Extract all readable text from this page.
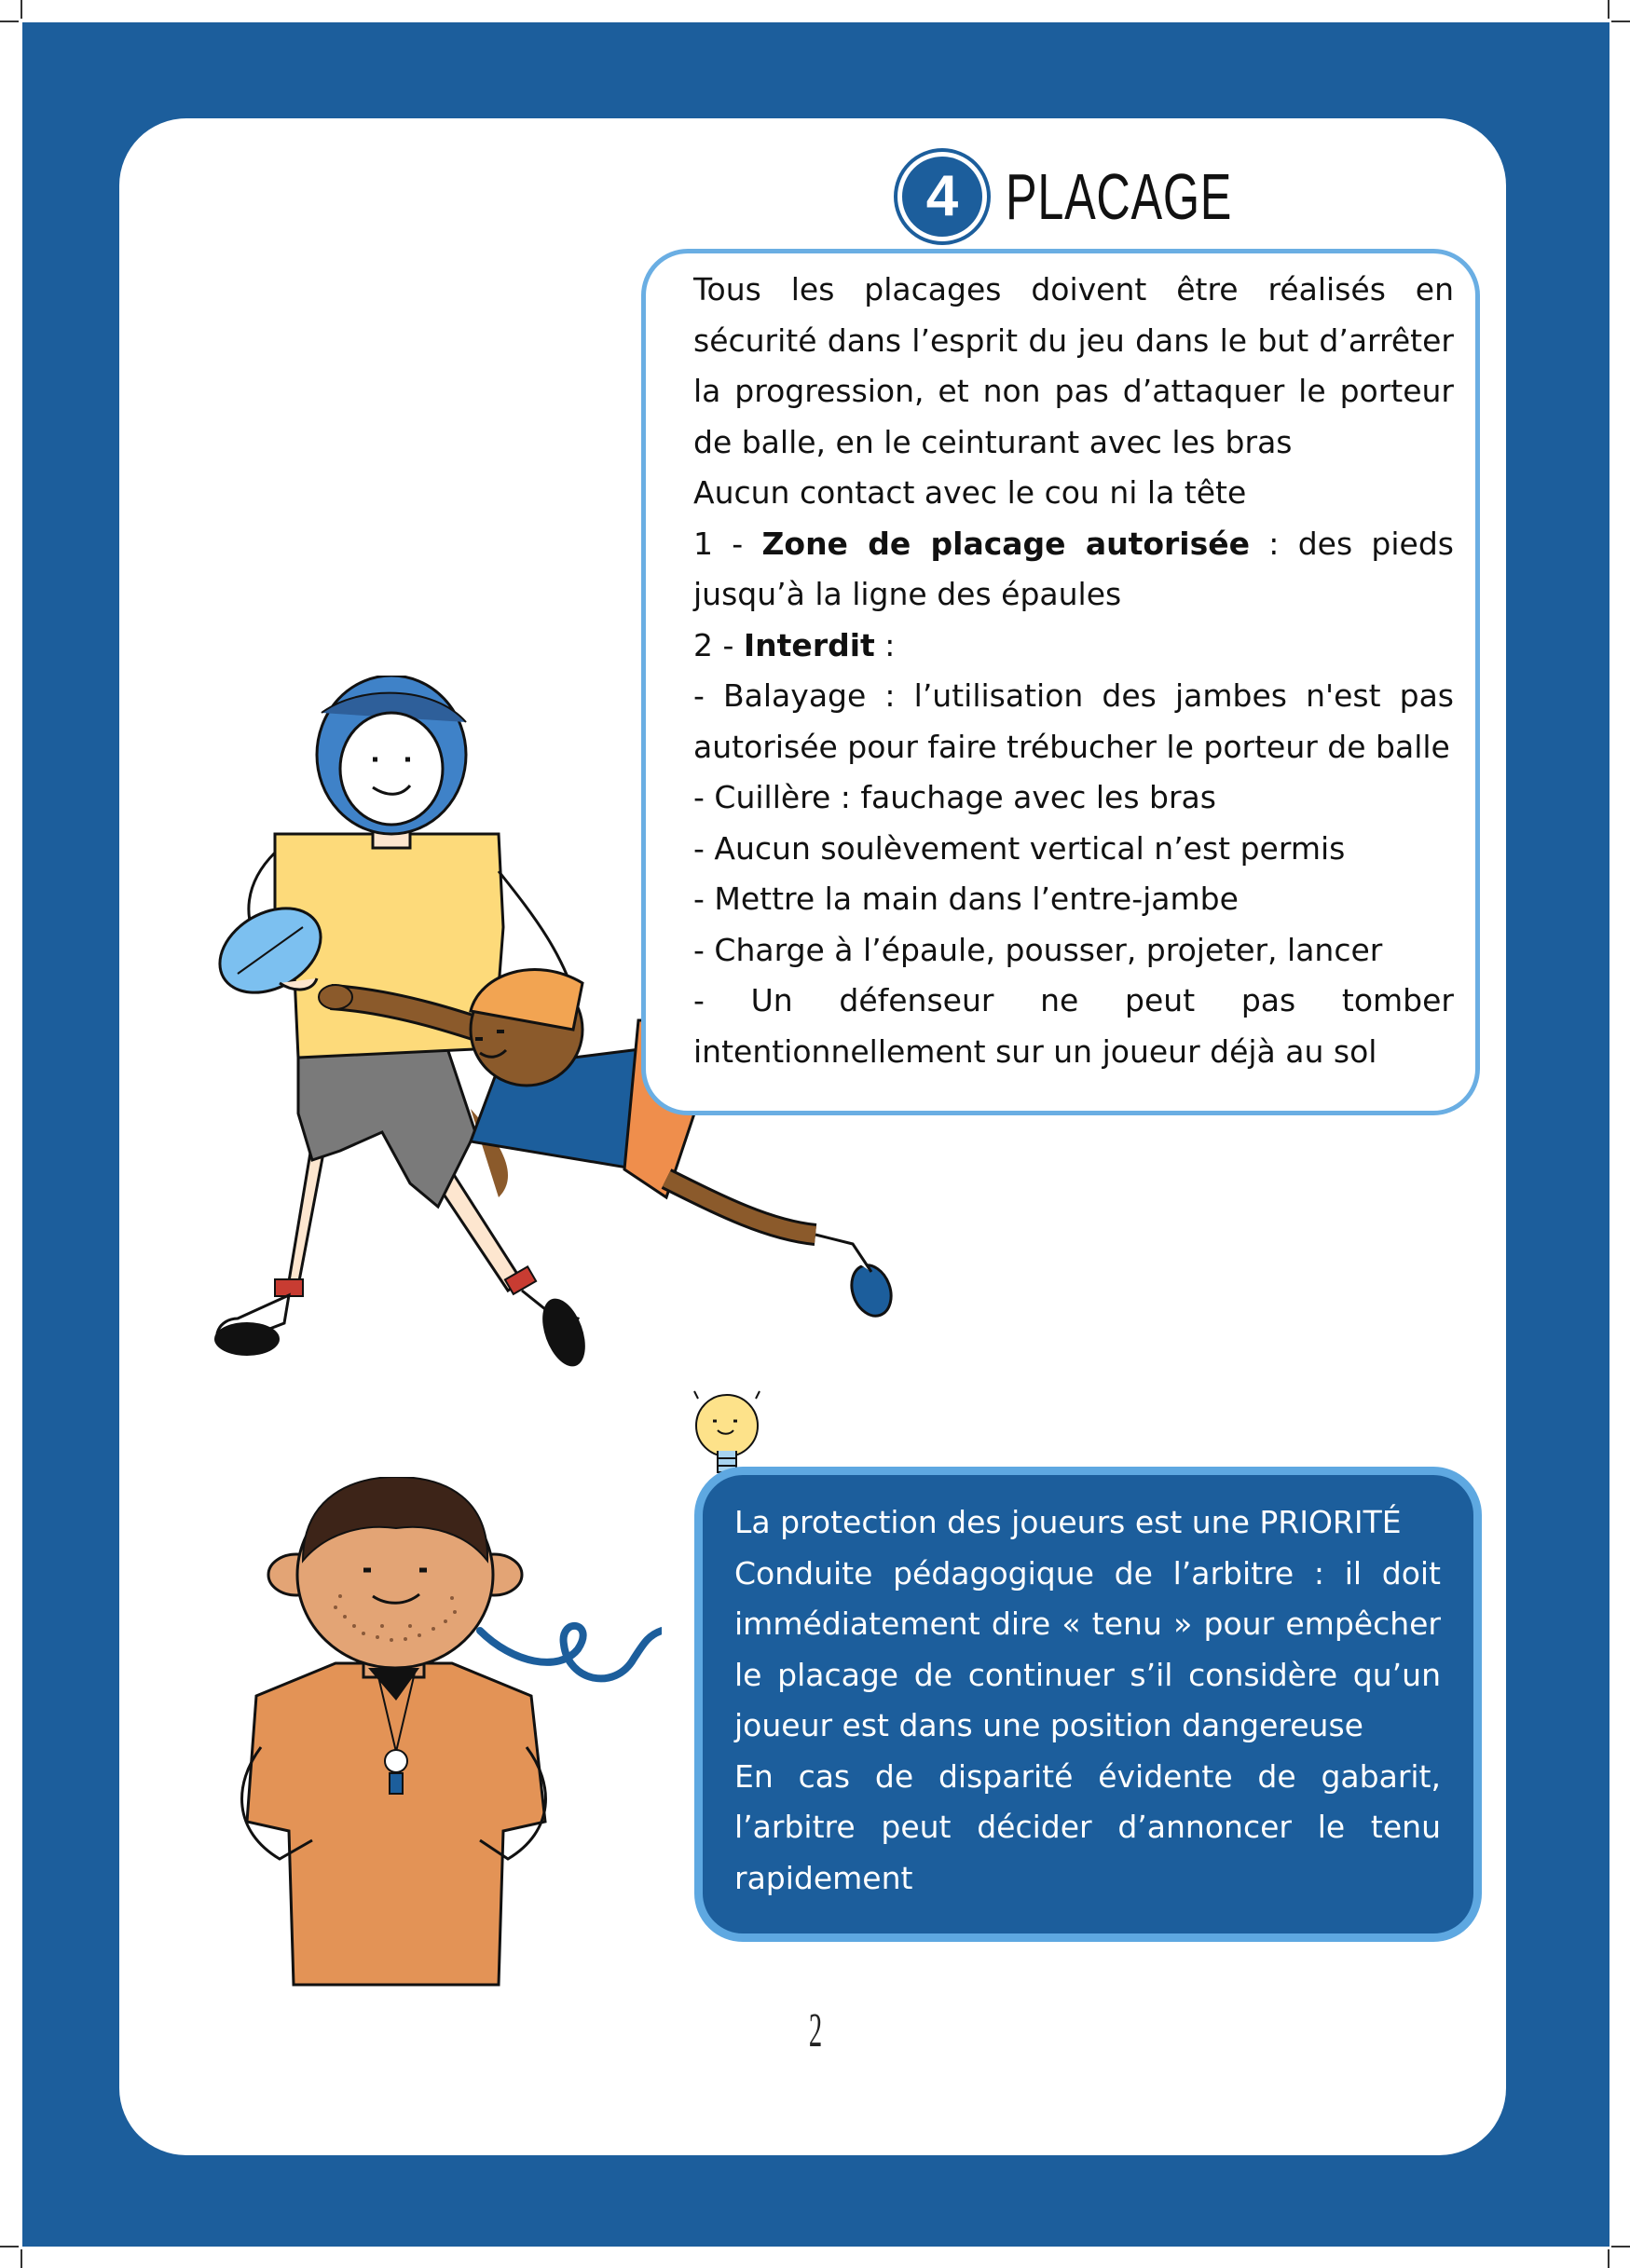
4 PLACAGE

Tous les placages doivent être réalisés en sécurité dans l’esprit du jeu dans le but d’arrêter la progression, et non pas d’attaquer le porteur de balle, en le ceinturant avec les bras

Aucun contact avec le cou ni la tête

1 - Zone de placage autorisée : des pieds jusqu’à la ligne des épaules

2 - Interdit :

- Balayage : l’utilisation des jambes n'est pas autorisée pour faire trébucher le porteur de balle

- Cuillère : fauchage avec les bras

- Aucun soulèvement vertical n’est permis

- Mettre la main dans l’entre-jambe

- Charge à l’épaule, pousser, projeter, lancer

- Un défenseur ne peut pas tomber intentionnellement sur un joueur déjà au sol

La protection des joueurs est une PRIORITÉ

Conduite pédagogique de l’arbitre : il doit immédiatement dire « tenu » pour empêcher le placage de continuer s’il considère qu’un joueur est dans une position dangereuse

En cas de disparité évidente de gabarit, l’arbitre peut décider d’annoncer le tenu rapidement

2
